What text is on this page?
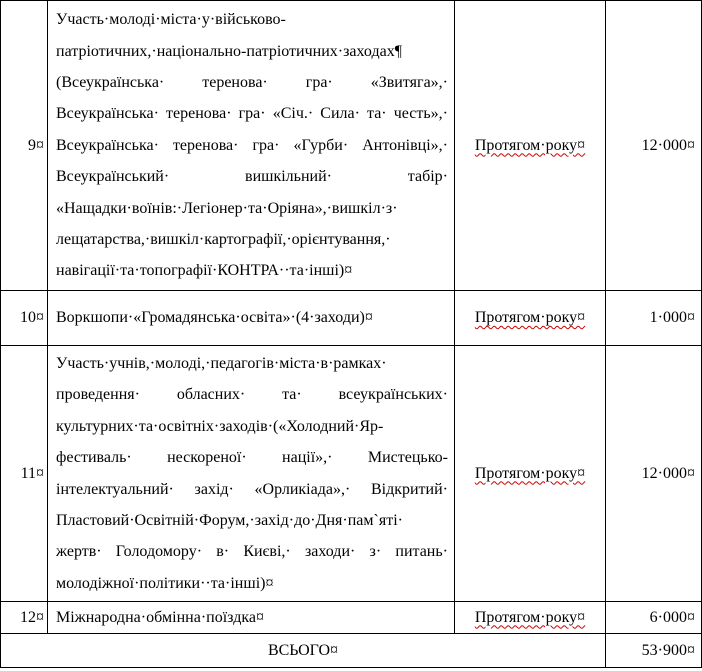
9¤	Участь·молоді·міста·у·військово-патріотичних,·національно-патріотичних·заходах¶ (Всеукраїнська· теренова· гра· «Звитяга»,· Всеукраїнська· теренова· гра· «Січ.· Сила· та· честь»,· Всеукраїнська· теренова· гра· «Гурби· Антонівці»,· Всеукраїнський· вишкільний· табір· «Нащадки·воїнів:·Легіонер·та·Оріяна»,·вишкіл·з· лещатарства,·вишкіл·картографії,·орієнтування,· навігації·та·топографії·КОНТРА··та·інші)¤	Протягом·року¤	12·000¤
10¤	Воркшопи·«Громадянська·освіта»·(4·заходи)¤	Протягом·року¤	1·000¤
11¤	Участь·учнів,·молоді,·педагогів·міста·в·рамках· проведення· обласних· та· всеукраїнських· культурних·та·освітніх·заходів·(«Холодний·Яр-фестиваль· нескореної· нації»,· Мистецько-інтелектуальний· захід· «Орликіада»,· Відкритий· Пластовий·Освітній·Форум,·захід·до·Дня·пам`яті· жертв· Голодомору· в· Києві,· заходи· з· питань· молодіжної·політики··та·інші)¤	Протягом·року¤	12·000¤
12¤	Міжнародна·обмінна·поїздка¤	Протягом·року¤	6·000¤
ВСЬОГО¤			53·900¤
